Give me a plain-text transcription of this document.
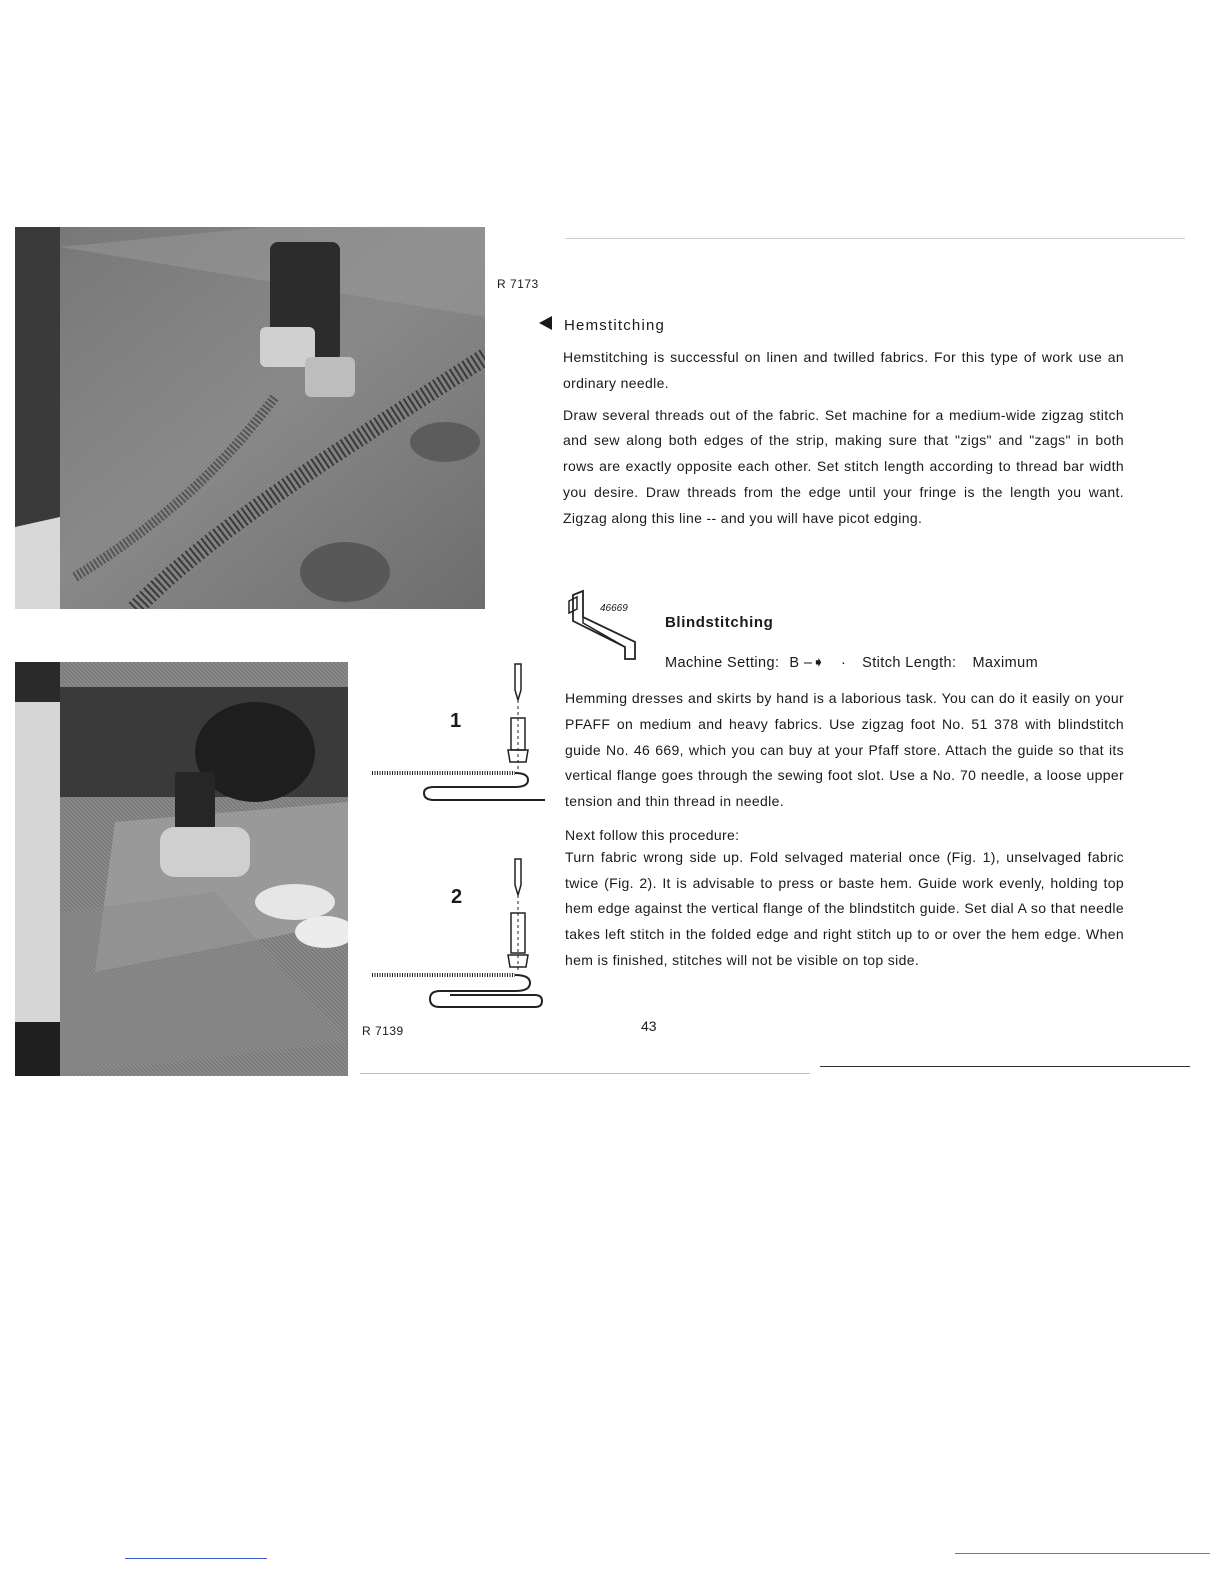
R 7173
Hemstitching

Hemstitching is successful on linen and twilled fabrics. For this type of work use an ordinary needle.

Draw several threads out of the fabric. Set machine for a medium-wide zigzag stitch and sew along both edges of the strip, making sure that "zigs" and "zags" in both rows are exactly opposite each other. Set stitch length according to thread bar width you desire. Draw threads from the edge until your fringe is the length you want. Zigzag along this line -- and you will have picot edging.

46669
Blindstitching
Machine Setting: B –➧ · Stitch Length: Maximum

Hemming dresses and skirts by hand is a laborious task. You can do it easily on your PFAFF on medium and heavy fabrics. Use zigzag foot No. 51 378 with blindstitch guide No. 46 669, which you can buy at your Pfaff store. Attach the guide so that its vertical flange goes through the sewing foot slot. Use a No. 70 needle, a loose upper tension and thin thread in needle.

Next follow this procedure:

Turn fabric wrong side up. Fold selvaged material once (Fig. 1), unselvaged fabric twice (Fig. 2). It is advisable to press or baste hem. Guide work evenly, holding top hem edge against the vertical flange of the blindstitch guide. Set dial A so that needle takes left stitch in the folded edge and right stitch up to or over the hem edge. When hem is finished, stitches will not be visible on top side.

R 7139
1
2
43
